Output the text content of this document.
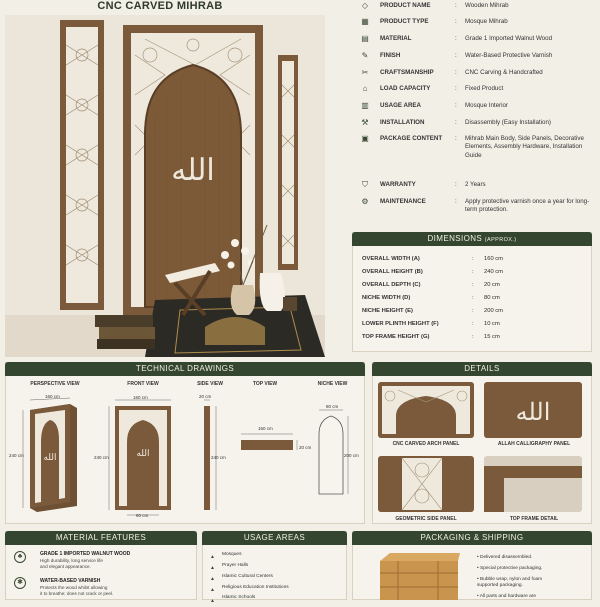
CNC CARVED MIHRAB
الله
◇	PRODUCT NAME	: Wooden Mihrab
▦ PRODUCT TYPE	: Mosque Mihrab
▤ MATERIAL	: Grade 1 Imported Walnut Wood
✎ FINISH	: Water-Based Protective Varnish
✂ CRAFTSMANSHIP	: CNC Carving & Handcrafted
⌂	LOAD CAPACITY	: Fixed Product
▥ USAGE AREA	: Mosque Interior
⚒ INSTALLATION	: Disassembly (Easy Installation)
▣ PACKAGE CONTENT : Mihrab Main Body, Side Panels, Decorative Elements, Assembly Hardware, Installation Guide
⛉	WARRANTY	: 2 Years
⚙ MAINTENANCE	: Apply protective varnish once a year for long-term protection.
DIMENSIONS (APPROX.)
OVERALL WIDTH (A)	: 160 cm
OVERALL HEIGHT (B)	: 240 cm
OVERALL DEPTH (C)	: 20 cm
NICHE WIDTH (D)	: 80 cm
NICHE HEIGHT (E)	: 200 cm
LOWER PLINTH HEIGHT (F)	: 10 cm
TOP FRAME HEIGHT (G)	: 15 cm
TECHNICAL DRAWINGS
PERSPECTIVE VIEW	FRONT VIEW	SIDE VIEW	TOP VIEW	NICHE VIEW
الله	الله
160 cm
240 cm
160 cm
240 cm
60 cm
20 cm
240 cm
160 cm
20 cm
80 cm
200 cm
DETAILS
الله
CNC CARVED ARCH PANEL	ALLAH CALLIGRAPHY PANEL
GEOMETRIC SIDE PANEL	TOP FRAME DETAIL
MATERIAL FEATURES
♣	GRADE 1 IMPORTED WALNUT WOOD
High durability, long service life
and elegant appearance.
✱	WATER-BASED VARNISH
Protects the wood whilst allowing
it to breathe; does not crack or peel.
USAGE AREAS
Mosques
Prayer Halls
Islamic Cultural Centers
Religious Education Institutions
Islamic Schools
▲
▲
▲
▲
▲
PACKAGING & SHIPPING
• Delivered disassembled.
• Special protective packaging.
• Bubble wrap, nylon and foam supported packaging.
• All parts and hardware are
